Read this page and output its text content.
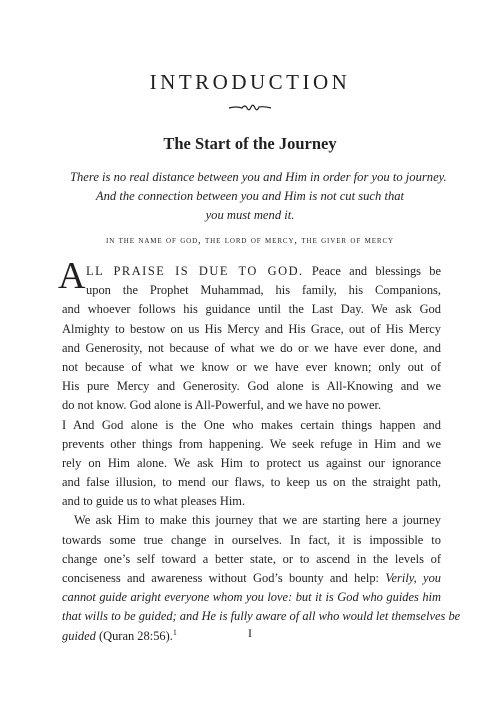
INTRODUCTION
The Start of the Journey
There is no real distance between you and Him in order for you to journey.
And the connection between you and Him is not cut such that
you must mend it.
in the name of god, the lord of mercy, the giver of mercy
A LL PRAISE IS DUE TO GOD. Peace and blessings be
upon the Prophet Muhammad, his family, his Companions,
and whoever follows his guidance until the Last Day. We ask God
Almighty to bestow on us His Mercy and His Grace, out of His Mercy
and Generosity, not because of what we do or we have ever done, and
not because of what we know or we have ever known; only out of
His pure Mercy and Generosity. God alone is All-Knowing and we
do not know. God alone is All-Powerful, and we have no power.
I And God alone is the One who makes certain things happen and
prevents other things from happening. We seek refuge in Him and we
rely on Him alone. We ask Him to protect us against our ignorance
and false illusion, to mend our flaws, to keep us on the straight path,
and to guide us to what pleases Him.
We ask Him to make this journey that we are starting here a journey
towards some true change in ourselves. In fact, it is impossible to
change one’s self toward a better state, or to ascend in the levels of
conciseness and awareness without God’s bounty and help: Verily, you
cannot guide aright everyone whom you love: but it is God who guides him
that wills to be guided; and He is fully aware of all who would let themselves be
guided (Quran 28:56).$^1$	I
